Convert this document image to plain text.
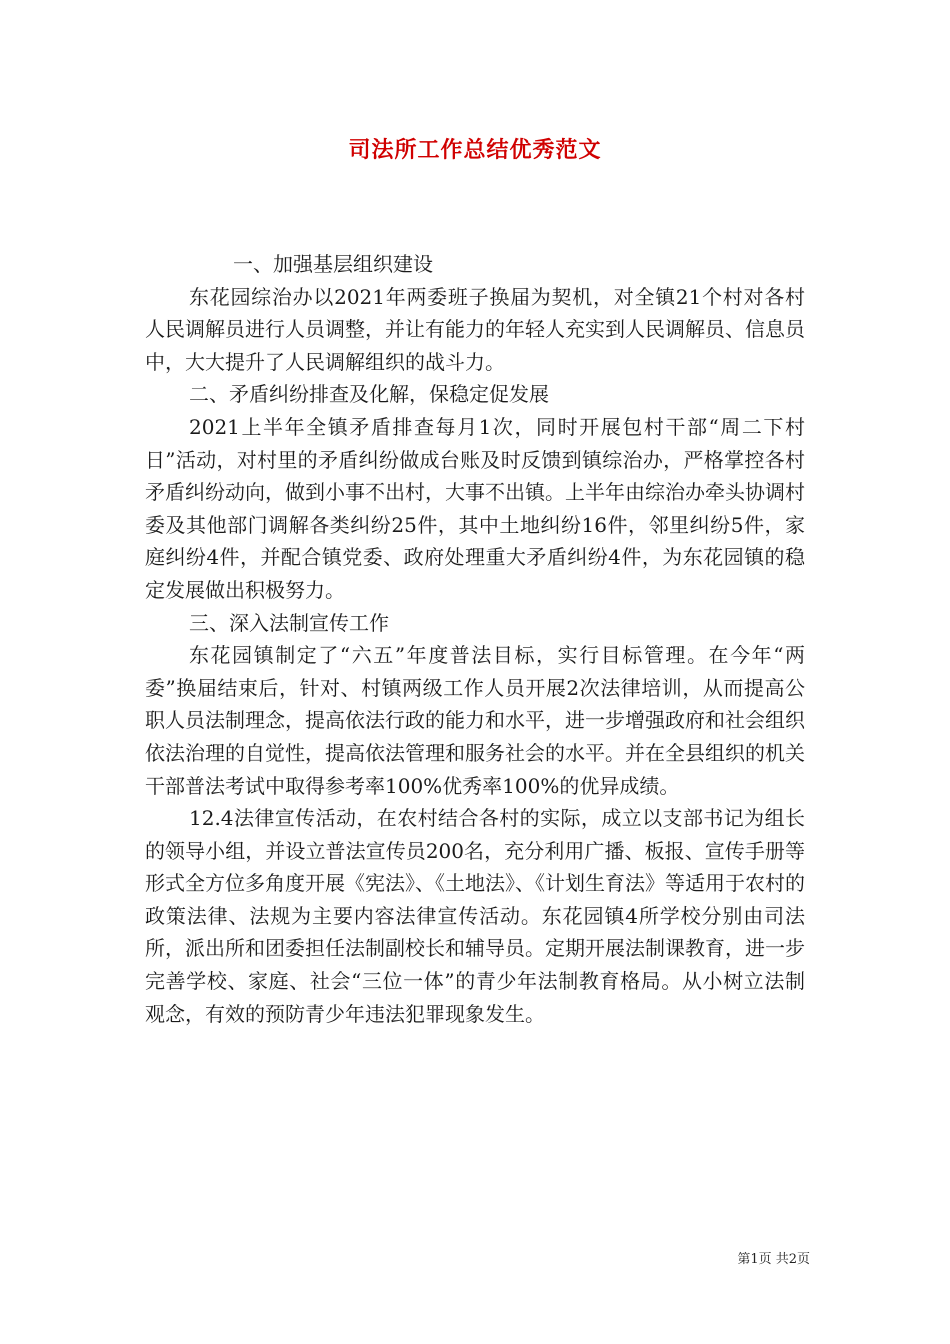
司法所工作总结优秀范文

一、加强基层组织建设

东花园综治办以2021年两委班子换届为契机，对全镇21个村对各村人民调解员进行人员调整，并让有能力的年轻人充实到人民调解员、信息员中，大大提升了人民调解组织的战斗力。

二、矛盾纠纷排查及化解，保稳定促发展

2021上半年全镇矛盾排查每月1次，同时开展包村干部“周二下村日”活动，对村里的矛盾纠纷做成台账及时反馈到镇综治办，严格掌控各村矛盾纠纷动向，做到小事不出村，大事不出镇。上半年由综治办牵头协调村委及其他部门调解各类纠纷25件，其中土地纠纷16件，邻里纠纷5件，家庭纠纷4件，并配合镇党委、政府处理重大矛盾纠纷4件，为东花园镇的稳定发展做出积极努力。

三、深入法制宣传工作

东花园镇制定了“六五”年度普法目标，实行目标管理。在今年“两委”换届结束后，针对、村镇两级工作人员开展2次法律培训，从而提高公职人员法制理念，提高依法行政的能力和水平，进一步增强政府和社会组织依法治理的自觉性，提高依法管理和服务社会的水平。并在全县组织的机关干部普法考试中取得参考率100%优秀率100%的优异成绩。

12.4法律宣传活动，在农村结合各村的实际，成立以支部书记为组长的领导小组，并设立普法宣传员200名，充分利用广播、板报、宣传手册等形式全方位多角度开展《宪法》、《土地法》、《计划生育法》等适用于农村的政策法律、法规为主要内容法律宣传活动。东花园镇4所学校分别由司法所，派出所和团委担任法制副校长和辅导员。定期开展法制课教育，进一步完善学校、家庭、社会“三位一体”的青少年法制教育格局。从小树立法制观念，有效的预防青少年违法犯罪现象发生。

第1页 共2页
